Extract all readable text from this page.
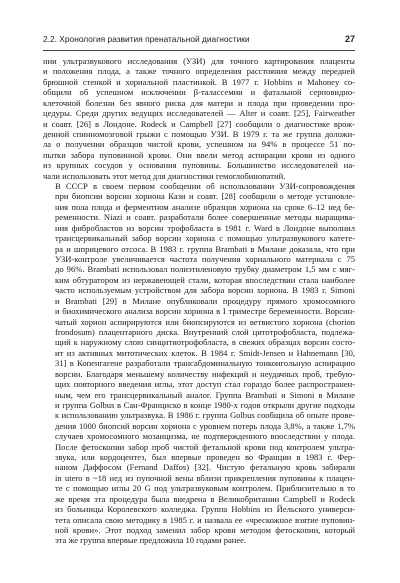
2.2. Хронология развития пренатальной диагностики	27

нии ультразвукового исследования (УЗИ) для точного картирования плаценты
и положения плода, а также точного определения расстояния между передней
брюшной стенкой и хориальной пластинкой. В 1977 г. Hobbins и Mahoney со-
общили об успешном исключении β-талассемии и фатальной серповидно-
клеточной болезни без явного риска для матери и плода при проведении про-
цедуры. Среди других ведущих исследователей — Alter и соавт. [25], Fairweather
и соавт. [26] в Лондоне. Rodeck и Campbell [27] сообщили о диагностике врож-
денной спинномозговой грыжи с помощью УЗИ. В 1979 г. та же группа доложи-
ла о получении образцов чистой крови, успешном на 94% в процессе 51 по-
пытки забора пуповинной крови. Они ввели метод аспирации крови из одного
из крупных сосудов у основания пуповины. Большинство исследователей на-
чали использовать этот метод для диагностики гемоглобинопатий.

В СССР в своем первом сообщении об использовании УЗИ-сопровождения
при биопсии ворсин хориона Кази и соавт. [28] сообщили о методе установле-
ния пола плода и ферментном анализе образцов хориона на сроке 6–12 нед бе-
ременности. Niazi и соавт. разработали более совершенные методы выращива-
ния фибробластов из ворсин трофобласта в 1981 г. Ward в Лондоне выполнил
трансцервикальный забор ворсин хориона с помощью ультразвукового катете-
ра и шприцевого отсоса. В 1983 г. группа Brambati в Милане доказала, что при
УЗИ-контроле увеличивается частота получения хориального материала с 75
до 96%. Brambati использовал полиэтиленовую трубку диаметром 1,5 мм с мяг-
ким обтуратором из нержавеющей стали, которая впоследствии стала наиболее
часто используемым устройством для забора ворсин хориона. В 1983 г. Simoni
и Brambati [29] в Милане опубликовали процедуру прямого хромосомного
и биохимического анализа ворсин хориона в I триместре беременности. Ворсин-
чатый хорион аспирируются или биопсируются из ветвистого хориона (chorion
frondosum) плацентарного диска. Внутренний слой цитотрофобласта, подлежа-
щий к наружному слою синцитиотрофобласта, в свежих образцах ворсин состо-
ит из активных митотических клеток. В 1984 г. Smidt-Jensen и Hahnemann [30,
31] в Копенгагене разработали трансабдоминальную тонкоигольную аспирацию
ворсин. Благодаря меньшему количеству инфекций и неудачных проб, требую-
щих повторного введения иглы, этот доступ стал гораздо более распространен-
ным, чем его трансцервикальный аналог. Группа Brambati и Simoni в Милане
и группа Golbus в Сан-Франциско в конце 1980-х годов открыли другие подходы
к использованию ультразвука. В 1986 г. группа Golbus сообщила об опыте прове-
дения 1000 биопсий ворсин хориона с уровнем потерь плода 3,8%, а также 1,7%
случаев хромосомного мозаицизма, не подтвержденного впоследствии у плода.
После фетоскопии забор проб чистой фетальной крови под контролем ультра-
звука, или кордоцентез, был впервые проведен во Франции в 1983 г. Фер-
наном Даффосом (Fernand Daffos) [32]. Чистую фетальную кровь забирали
in utero в ~18 нед из пупочной вены вблизи прикрепления пуповины к плацен-
те с помощью иглы 20 G под ультразвуковым контролем. Приблизительно в то
же время эта процедура была внедрена в Великобритании Campbell и Rodeck
из больницы Королевского колледжа. Группа Hobbins из Йельского универси-
тета описала свою методику в 1985 г. и назвала ее «чрескожное взятие пуповин-
ной крови». Этот подход заменил забор крови методом фетоскопии, который
эта же группа впервые предложила 10 годами ранее.
